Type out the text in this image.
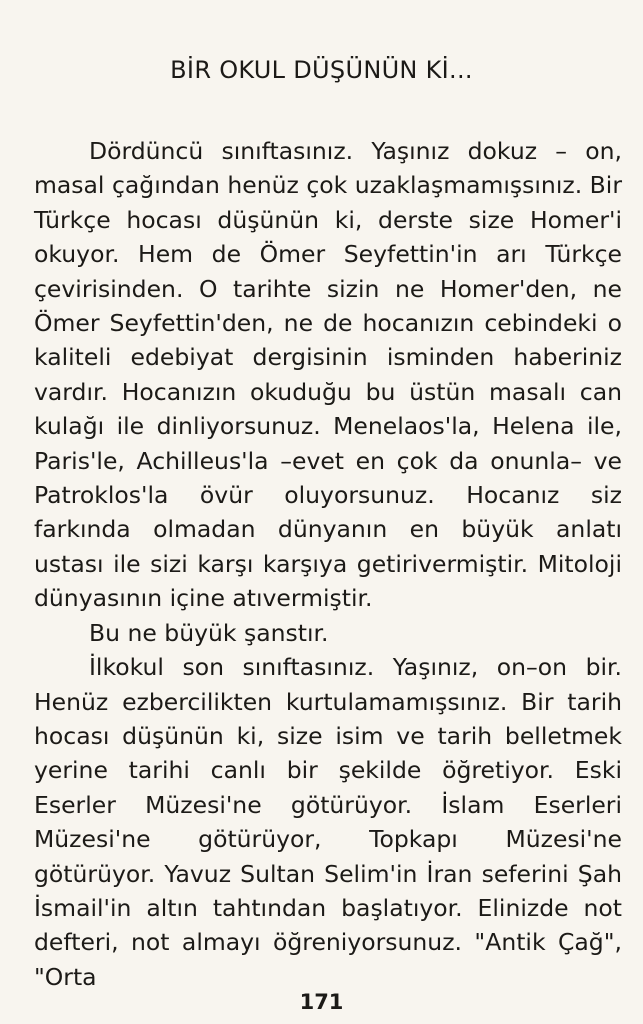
BİR OKUL DÜŞÜNÜN Kİ...

Dördüncü sınıftasınız. Yaşınız dokuz – on, masal çağından henüz çok uzaklaşmamışsınız. Bir Türkçe hocası düşünün ki, derste size Homer'i okuyor. Hem de Ömer Seyfettin'in arı Türkçe çevirisinden. O tarihte sizin ne Homer'den, ne Ömer Seyfettin'den, ne de hocanızın cebindeki o kaliteli edebiyat dergisinin isminden haberiniz vardır. Hocanızın okuduğu bu üstün masalı can kulağı ile dinliyorsunuz. Menelaos'la, Helena ile, Paris'le, Achilleus'la –evet en çok da onunla– ve Patroklos'la övür oluyorsunuz. Hocanız siz farkında olmadan dünyanın en büyük anlatı ustası ile sizi karşı karşıya getirivermiştir. Mitoloji dünyasının içine atıvermiştir.

Bu ne büyük şanstır.

İlkokul son sınıftasınız. Yaşınız, on–on bir. Henüz ezbercilikten kurtulamamışsınız. Bir tarih hocası düşünün ki, size isim ve tarih belletmek yerine tarihi canlı bir şekilde öğretiyor. Eski Eserler Müzesi'ne götürüyor. İslam Eserleri Müzesi'ne götürüyor, Topkapı Müzesi'ne götürüyor. Yavuz Sultan Selim'in İran seferini Şah İsmail'in altın tahtından başlatıyor. Elinizde not defteri, not almayı öğreniyorsunuz. "Antik Çağ", "Orta

171
